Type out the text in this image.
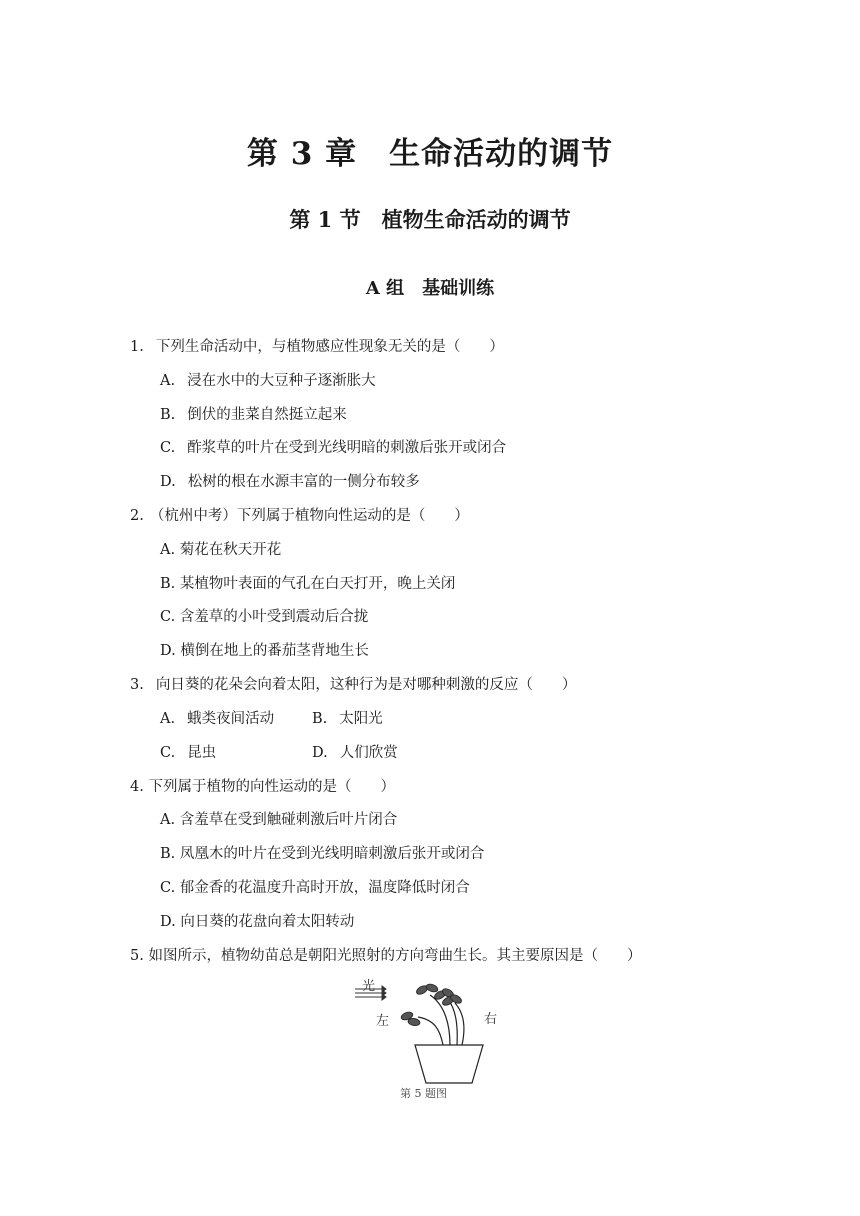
第 3 章　生命活动的调节
第 1 节　植物生命活动的调节
A 组　基础训练
1. 下列生命活动中，与植物感应性现象无关的是（　　）
A. 浸在水中的大豆种子逐渐胀大
B. 倒伏的韭菜自然挺立起来
C. 酢浆草的叶片在受到光线明暗的刺激后张开或闭合
D. 松树的根在水源丰富的一侧分布较多
2. （杭州中考）下列属于植物向性运动的是（　　）
A. 菊花在秋天开花
B. 某植物叶表面的气孔在白天打开，晚上关闭
C. 含羞草的小叶受到震动后合拢
D. 横倒在地上的番茄茎背地生长
3. 向日葵的花朵会向着太阳，这种行为是对哪种刺激的反应（　　）
A. 蛾类夜间活动	B. 太阳光
C. 昆虫	D. 人们欣赏
4. 下列属于植物的向性运动的是（　　）
A. 含羞草在受到触碰刺激后叶片闭合
B. 凤凰木的叶片在受到光线明暗刺激后张开或闭合
C. 郁金香的花温度升高时开放，温度降低时闭合
D. 向日葵的花盘向着太阳转动
5. 如图所示，植物幼苗总是朝阳光照射的方向弯曲生长。其主要原因是（　　）
光
左	右
第 5 题图
